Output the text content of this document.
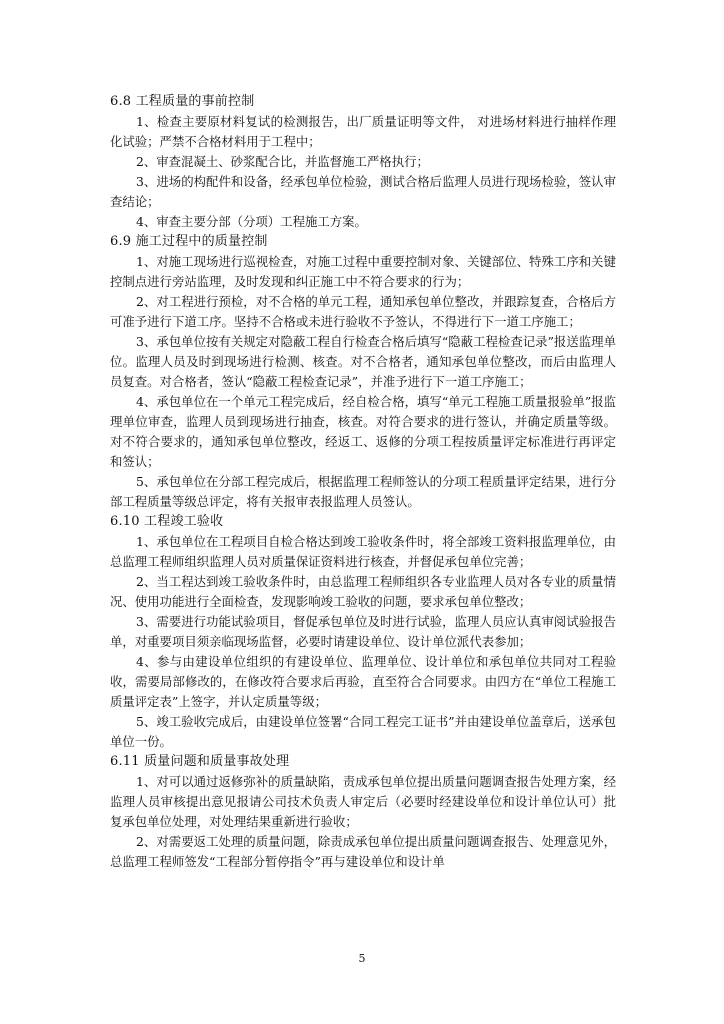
6.8 工程质量的事前控制
1、检查主要原材料复试的检测报告，出厂质量证明等文件， 对进场材料进行抽样作理化试验；严禁不合格材料用于工程中；
2、审查混凝土、砂浆配合比，并监督施工严格执行；
3、进场的构配件和设备，经承包单位检验，测试合格后监理人员进行现场检验，签认审查结论；
4、审查主要分部（分项）工程施工方案。
6.9 施工过程中的质量控制
1、对施工现场进行巡视检查，对施工过程中重要控制对象、关键部位、特殊工序和关键控制点进行旁站监理，及时发现和纠正施工中不符合要求的行为；
2、对工程进行预检，对不合格的单元工程，通知承包单位整改，并跟踪复查，合格后方可准予进行下道工序。坚持不合格或未进行验收不予签认，不得进行下一道工序施工；
3、承包单位按有关规定对隐蔽工程自行检查合格后填写“隐蔽工程检查记录”报送监理单位。监理人员及时到现场进行检测、核查。对不合格者，通知承包单位整改，而后由监理人员复查。对合格者，签认“隐蔽工程检查记录”，并准予进行下一道工序施工；
4、承包单位在一个单元工程完成后，经自检合格，填写“单元工程施工质量报验单”报监理单位审查，监理人员到现场进行抽查，核查。对符合要求的进行签认，并确定质量等级。对不符合要求的，通知承包单位整改，经返工、返修的分项工程按质量评定标准进行再评定和签认；
5、承包单位在分部工程完成后，根据监理工程师签认的分项工程质量评定结果，进行分部工程质量等级总评定，将有关报审表报监理人员签认。
6.10 工程竣工验收
1、承包单位在工程项目自检合格达到竣工验收条件时，将全部竣工资料报监理单位，由总监理工程师组织监理人员对质量保证资料进行核查，并督促承包单位完善；
2、当工程达到竣工验收条件时，由总监理工程师组织各专业监理人员对各专业的质量情况、使用功能进行全面检查，发现影响竣工验收的问题，要求承包单位整改；
3、需要进行功能试验项目，督促承包单位及时进行试验，监理人员应认真审阅试验报告单，对重要项目须亲临现场监督，必要时请建设单位、设计单位派代表参加；
4、参与由建设单位组织的有建设单位、监理单位、设计单位和承包单位共同对工程验收，需要局部修改的，在修改符合要求后再验，直至符合合同要求。由四方在“单位工程施工质量评定表”上签字，并认定质量等级；
5、竣工验收完成后，由建设单位签署“合同工程完工证书”并由建设单位盖章后，送承包单位一份。
6.11 质量问题和质量事故处理
1、对可以通过返修弥补的质量缺陷，责成承包单位提出质量问题调查报告处理方案，经监理人员审核提出意见报请公司技术负责人审定后（必要时经建设单位和设计单位认可）批复承包单位处理，对处理结果重新进行验收；
2、对需要返工处理的质量问题，除责成承包单位提出质量问题调查报告、处理意见外，总监理工程师签发“工程部分暂停指令”再与建设单位和设计单
5
